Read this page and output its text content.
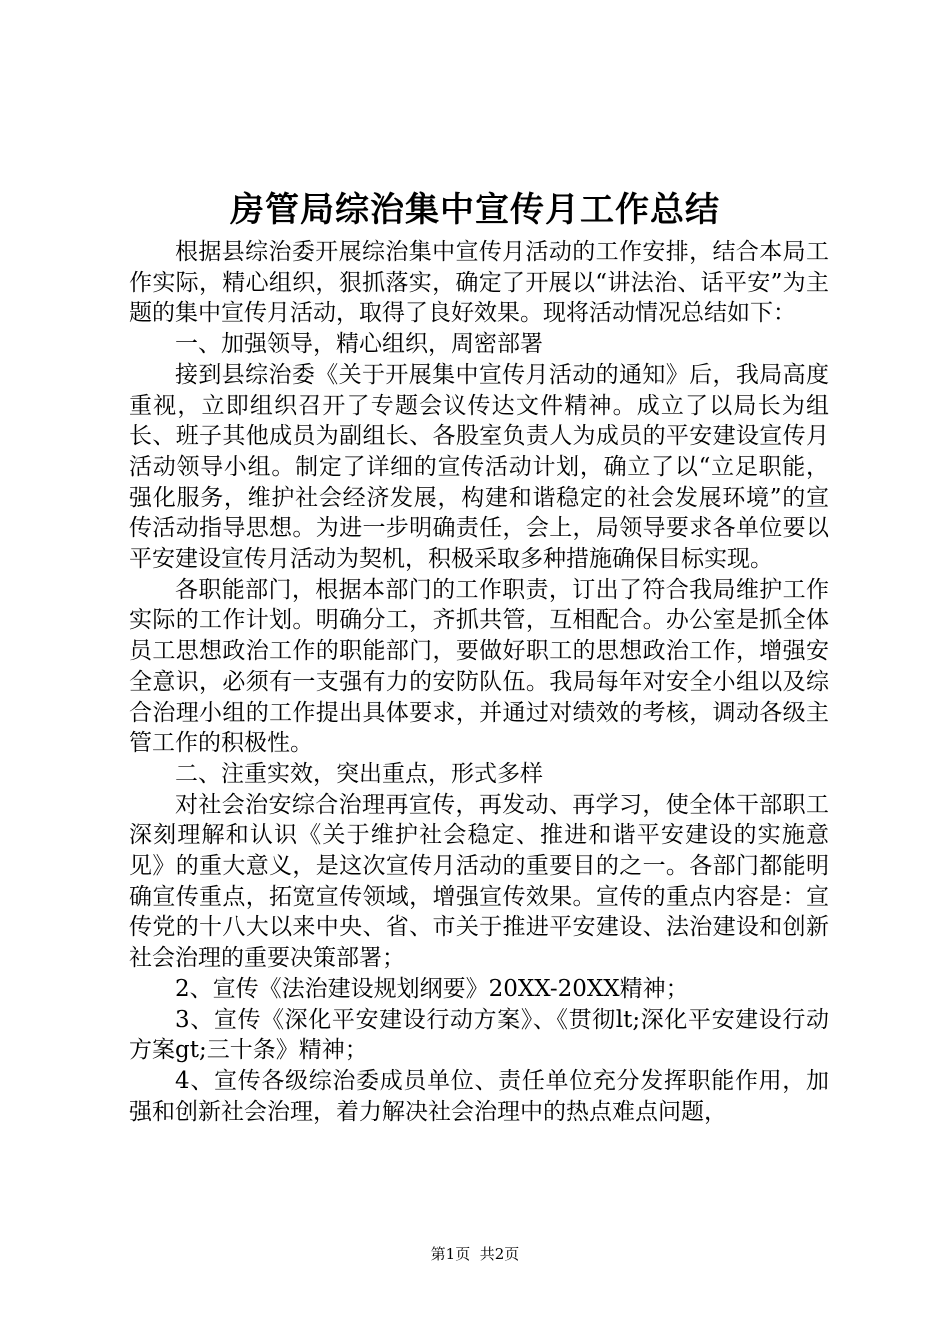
房管局综治集中宣传月工作总结

根据县综治委开展综治集中宣传月活动的工作安排，结合本局工作实际，精心组织，狠抓落实，确定了开展以“讲法治、话平安”为主题的集中宣传月活动，取得了良好效果。现将活动情况总结如下：

一、加强领导，精心组织，周密部署

接到县综治委《关于开展集中宣传月活动的通知》后，我局高度重视，立即组织召开了专题会议传达文件精神。成立了以局长为组长、班子其他成员为副组长、各股室负责人为成员的平安建设宣传月活动领导小组。制定了详细的宣传活动计划，确立了以“立足职能，强化服务，维护社会经济发展，构建和谐稳定的社会发展环境”的宣传活动指导思想。为进一步明确责任，会上，局领导要求各单位要以平安建设宣传月活动为契机，积极采取多种措施确保目标实现。

各职能部门，根据本部门的工作职责，订出了符合我局维护工作实际的工作计划。明确分工，齐抓共管，互相配合。办公室是抓全体员工思想政治工作的职能部门，要做好职工的思想政治工作，增强安全意识，必须有一支强有力的安防队伍。我局每年对安全小组以及综合治理小组的工作提出具体要求，并通过对绩效的考核，调动各级主管工作的积极性。

二、注重实效，突出重点，形式多样

对社会治安综合治理再宣传，再发动、再学习，使全体干部职工深刻理解和认识《关于维护社会稳定、推进和谐平安建设的实施意见》的重大意义，是这次宣传月活动的重要目的之一。各部门都能明确宣传重点，拓宽宣传领域，增强宣传效果。宣传的重点内容是：宣传党的十八大以来中央、省、市关于推进平安建设、法治建设和创新社会治理的重要决策部署；

2、宣传《法治建设规划纲要》20XX-20XX精神；

3、宣传《深化平安建设行动方案》、《贯彻lt;深化平安建设行动方案gt;三十条》精神；

4、宣传各级综治委成员单位、责任单位充分发挥职能作用，加强和创新社会治理，着力解决社会治理中的热点难点问题，

第1页 共2页
